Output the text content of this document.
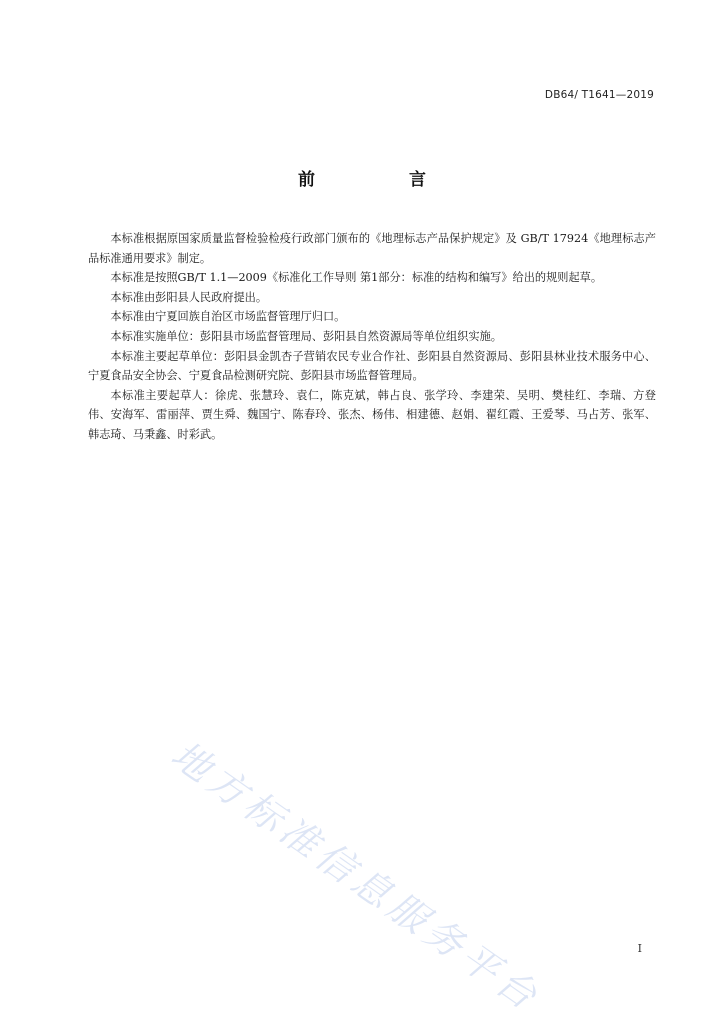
DB64/ T1641—2019
前 言

本标准根据原国家质量监督检验检疫行政部门颁布的《地理标志产品保护规定》及 GB/T 17924《地理标志产品标准通用要求》制定。

本标准是按照GB/T 1.1—2009《标准化工作导则 第1部分：标准的结构和编写》给出的规则起草。

本标准由彭阳县人民政府提出。

本标准由宁夏回族自治区市场监督管理厅归口。

本标准实施单位：彭阳县市场监督管理局、彭阳县自然资源局等单位组织实施。

本标准主要起草单位：彭阳县金凯杏子营销农民专业合作社、彭阳县自然资源局、彭阳县林业技术服务中心、宁夏食品安全协会、宁夏食品检测研究院、彭阳县市场监督管理局。

本标准主要起草人：徐虎、张慧玲、袁仁，陈克斌，韩占良、张学玲、李建荣、吴明、樊桂红、李瑞、方登伟、安海军、雷丽萍、贾生舜、魏国宁、陈春玲、张杰、杨伟、相建德、赵娟、翟红霞、王爱琴、马占芳、张军、韩志琦、马秉鑫、时彩武。

地方标准信息服务平台	I
